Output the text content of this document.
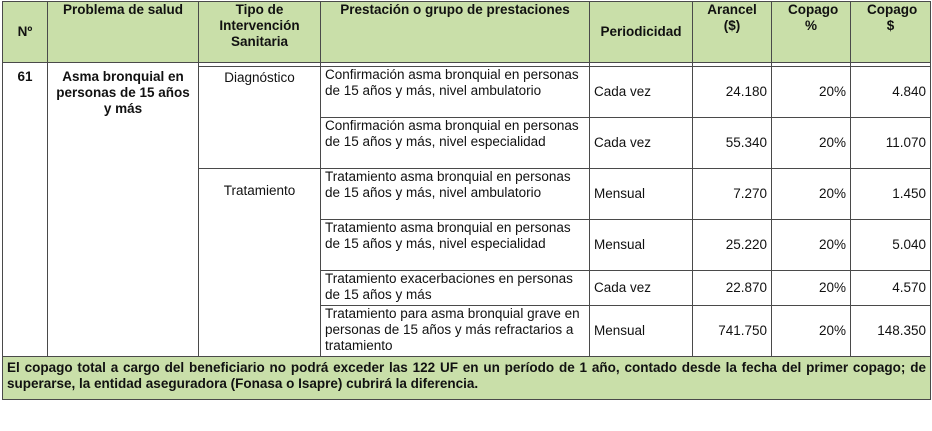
Nº	Problema de salud	Tipo de Intervención Sanitaria	Prestación o grupo de prestaciones	Periodicidad	Arancel ($)	Copago %	Copago $

61	Asma bronquial en personas de 15 años y más	Diagnóstico	Confirmación asma bronquial en personas de 15 años y más, nivel ambulatorio	Cada vez	24.180	20%	4.840
			Confirmación asma bronquial en personas de 15 años y más, nivel especialidad	Cada vez	55.340	20%	11.070
		Tratamiento	Tratamiento asma bronquial en personas de 15 años y más, nivel ambulatorio	Mensual	7.270	20%	1.450
			Tratamiento asma bronquial en personas de 15 años y más, nivel especialidad	Mensual	25.220	20%	5.040
			Tratamiento exacerbaciones en personas de 15 años y más	Cada vez	22.870	20%	4.570
			Tratamiento para asma bronquial grave en personas de 15 años y más refractarios a tratamiento	Mensual	741.750	20%	148.350
El copago total a cargo del beneficiario no podrá exceder las 122 UF en un período de 1 año, contado desde la fecha del primer copago; de superarse, la entidad aseguradora (Fonasa o Isapre) cubrirá la diferencia.							
